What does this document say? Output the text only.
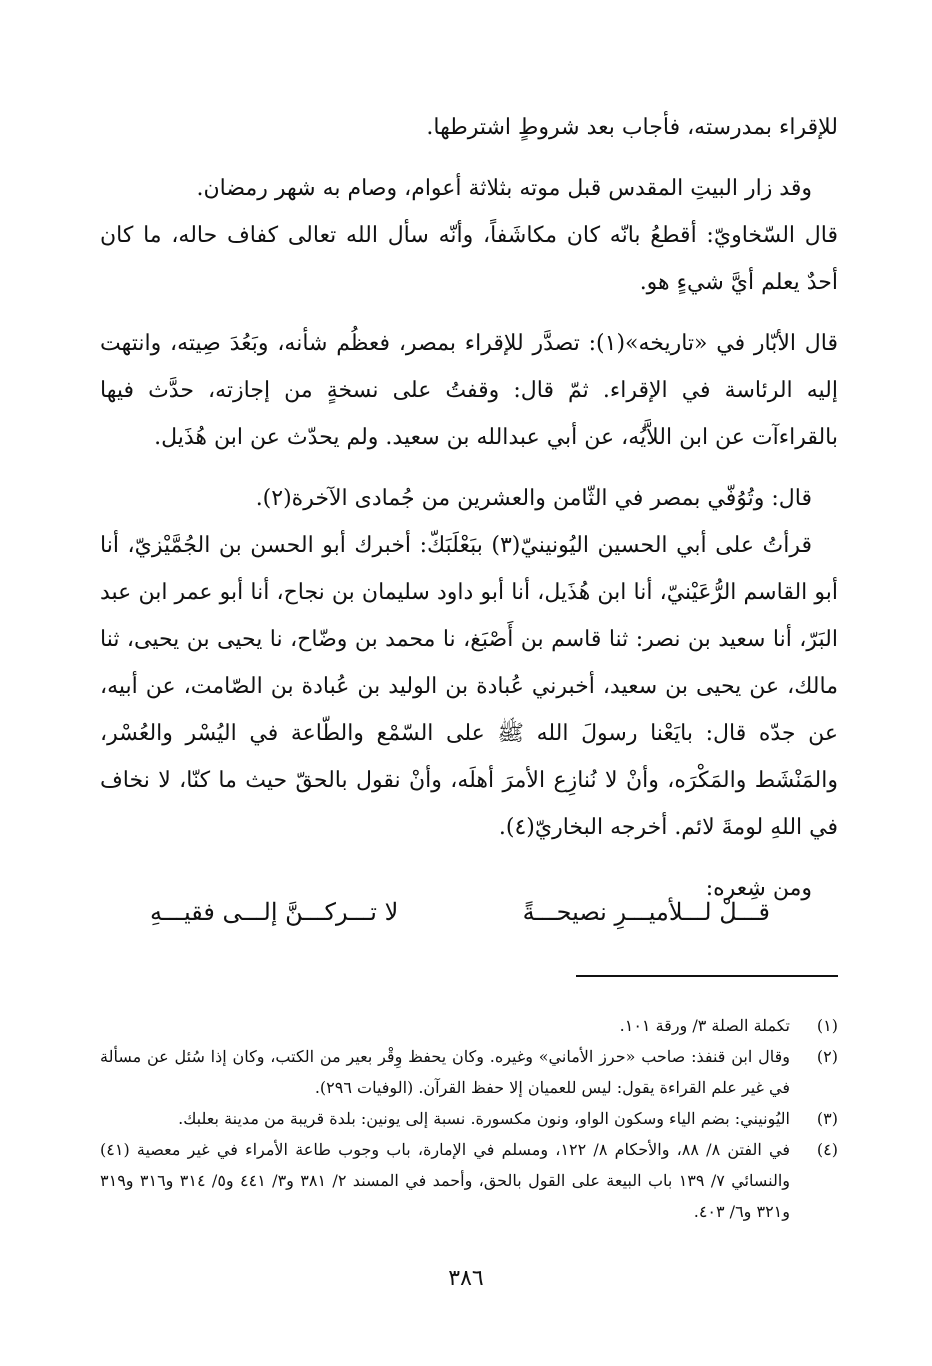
للإقراء بمدرسته، فأجاب بعد شروطٍ اشترطها.

وقد زار البيتِ المقدس قبل موته بثلاثة أعوام، وصام به شهر رمضان.

قال السّخاويّ: أقطعُ بانّه كان مكاشَفاً، وأنّه سأل الله تعالى كفاف حاله، ما كان أحدٌ يعلم أيَّ شيءٍ هو.

قال الأبّار في «تاريخه»(١): تصدَّر للإقراء بمصر، فعظُم شأنه، وبَعُدَ صِيته، وانتهت إليه الرئاسة في الإقراء. ثمّ قال: وقفتُ على نسخةٍ من إجازته، حدَّث فيها بالقراءآت عن ابن اللاَّيُه، عن أبي عبدالله بن سعيد. ولم يحدّث عن ابن هُذَيل.

قال: وتُوُفّي بمصر في الثّامن والعشرين من جُمادى الآخرة(٢).

قرأتُ على أبي الحسين اليُونينيّ(٣) ببَعْلَبَكّ: أخبرك أبو الحسن بن الجُمَّيْزيّ، أنا أبو القاسم الرُّعَيْنيّ، أنا ابن هُذَيل، أنا أبو داود سليمان بن نجاح، أنا أبو عمر ابن عبد البَرّ، أنا سعيد بن نصر: ثنا قاسم بن أَصْبَغ، نا محمد بن وضّاح، نا يحيى بن يحيى، ثنا مالك، عن يحيى بن سعيد، أخبرني عُبادة بن الوليد بن عُبادة بن الصّامت، عن أبيه، عن جدّه قال: بايَعْنا رسولَ الله ﷺ على السّمْع والطّاعة في اليُسْر والعُسْر، والمَنْشَط والمَكْرَه، وأنْ لا نُنازِع الأمرَ أهلَه، وأنْ نقول بالحقّ حيث ما كنّا، لا نخاف في اللهِ لومةَ لائم. أخرجه البخاريّ(٤).

ومن شِعره:

قـــلْ لـــلأميـــرِ نصيحـــةً
لا تـــركـــنَّ إلـــى فقيـــهِ
(١)
تكملة الصلة ٣/ ورقة ١٠١.
(٢)
وقال ابن قنفذ: صاحب «حرز الأماني» وغيره. وكان يحفظ وِقْر بعير من الكتب، وكان إذا سُئل عن مسألة في غير علم القراءة يقول: ليس للعميان إلا حفظ القرآن. (الوفيات ٢٩٦).
(٣)
اليُونيني: بضم الياء وسكون الواو، ونون مكسورة. نسبة إلى يونين: بلدة قريبة من مدينة بعلبك.
(٤)
في الفتن ٨/ ٨٨، والأحكام ٨/ ١٢٢، ومسلم في الإمارة، باب وجوب طاعة الأمراء في غير معصية (٤١) والنسائي ٧/ ١٣٩ باب البيعة على القول بالحق، وأحمد في المسند ٢/ ٣٨١ و٣/ ٤٤١ و٥/ ٣١٤ و٣١٦ و٣١٩ و٣٢١ و٦/ ٤٠٣.
٣٨٦
